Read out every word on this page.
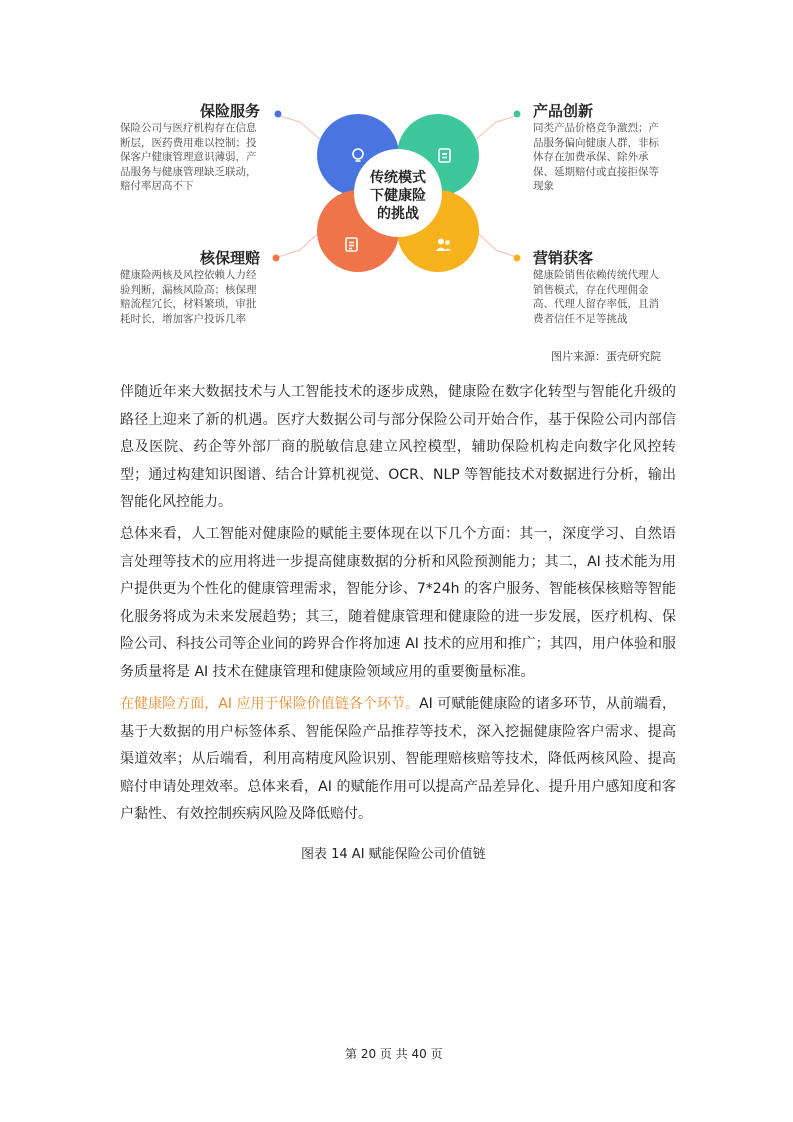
保险服务
保险公司与医疗机构存在信息断层，医药费用难以控制；投保客户健康管理意识薄弱，产品服务与健康管理缺乏联动，赔付率居高不下
产品创新
同类产品价格竞争激烈；产品服务偏向健康人群，非标体存在加费承保、除外承保、延期赔付或直接拒保等现象
核保理赔
健康险两核及风控依赖人力经验判断，漏核风险高；核保理赔流程冗长，材料繁琐，审批耗时长，增加客户投诉几率
营销获客
健康险销售依赖传统代理人销售模式，存在代理佣金高、代理人留存率低，且消费者信任不足等挑战
传统模式
下健康险
的挑战
图片来源：蛋壳研究院
伴随近年来大数据技术与人工智能技术的逐步成熟，健康险在数字化转型与智能化升级的路径上迎来了新的机遇。医疗大数据公司与部分保险公司开始合作，基于保险公司内部信息及医院、药企等外部厂商的脱敏信息建立风控模型，辅助保险机构走向数字化风控转型；通过构建知识图谱、结合计算机视觉、OCR、NLP 等智能技术对数据进行分析，输出智能化风控能力。
总体来看，人工智能对健康险的赋能主要体现在以下几个方面：其一，深度学习、自然语言处理等技术的应用将进一步提高健康数据的分析和风险预测能力；其二，AI 技术能为用户提供更为个性化的健康管理需求，智能分诊、7*24h 的客户服务、智能核保核赔等智能化服务将成为未来发展趋势；其三，随着健康管理和健康险的进一步发展，医疗机构、保险公司、科技公司等企业间的跨界合作将加速 AI 技术的应用和推广；其四，用户体验和服务质量将是 AI 技术在健康管理和健康险领域应用的重要衡量标准。
在健康险方面，AI 应用于保险价值链各个环节。AI 可赋能健康险的诸多环节，从前端看，基于大数据的用户标签体系、智能保险产品推荐等技术，深入挖掘健康险客户需求、提高渠道效率；从后端看，利用高精度风险识别、智能理赔核赔等技术，降低两核风险、提高赔付申请处理效率。总体来看，AI 的赋能作用可以提高产品差异化、提升用户感知度和客户黏性、有效控制疾病风险及降低赔付。
图表 14 AI 赋能保险公司价值链
第 20 页 共 40 页
